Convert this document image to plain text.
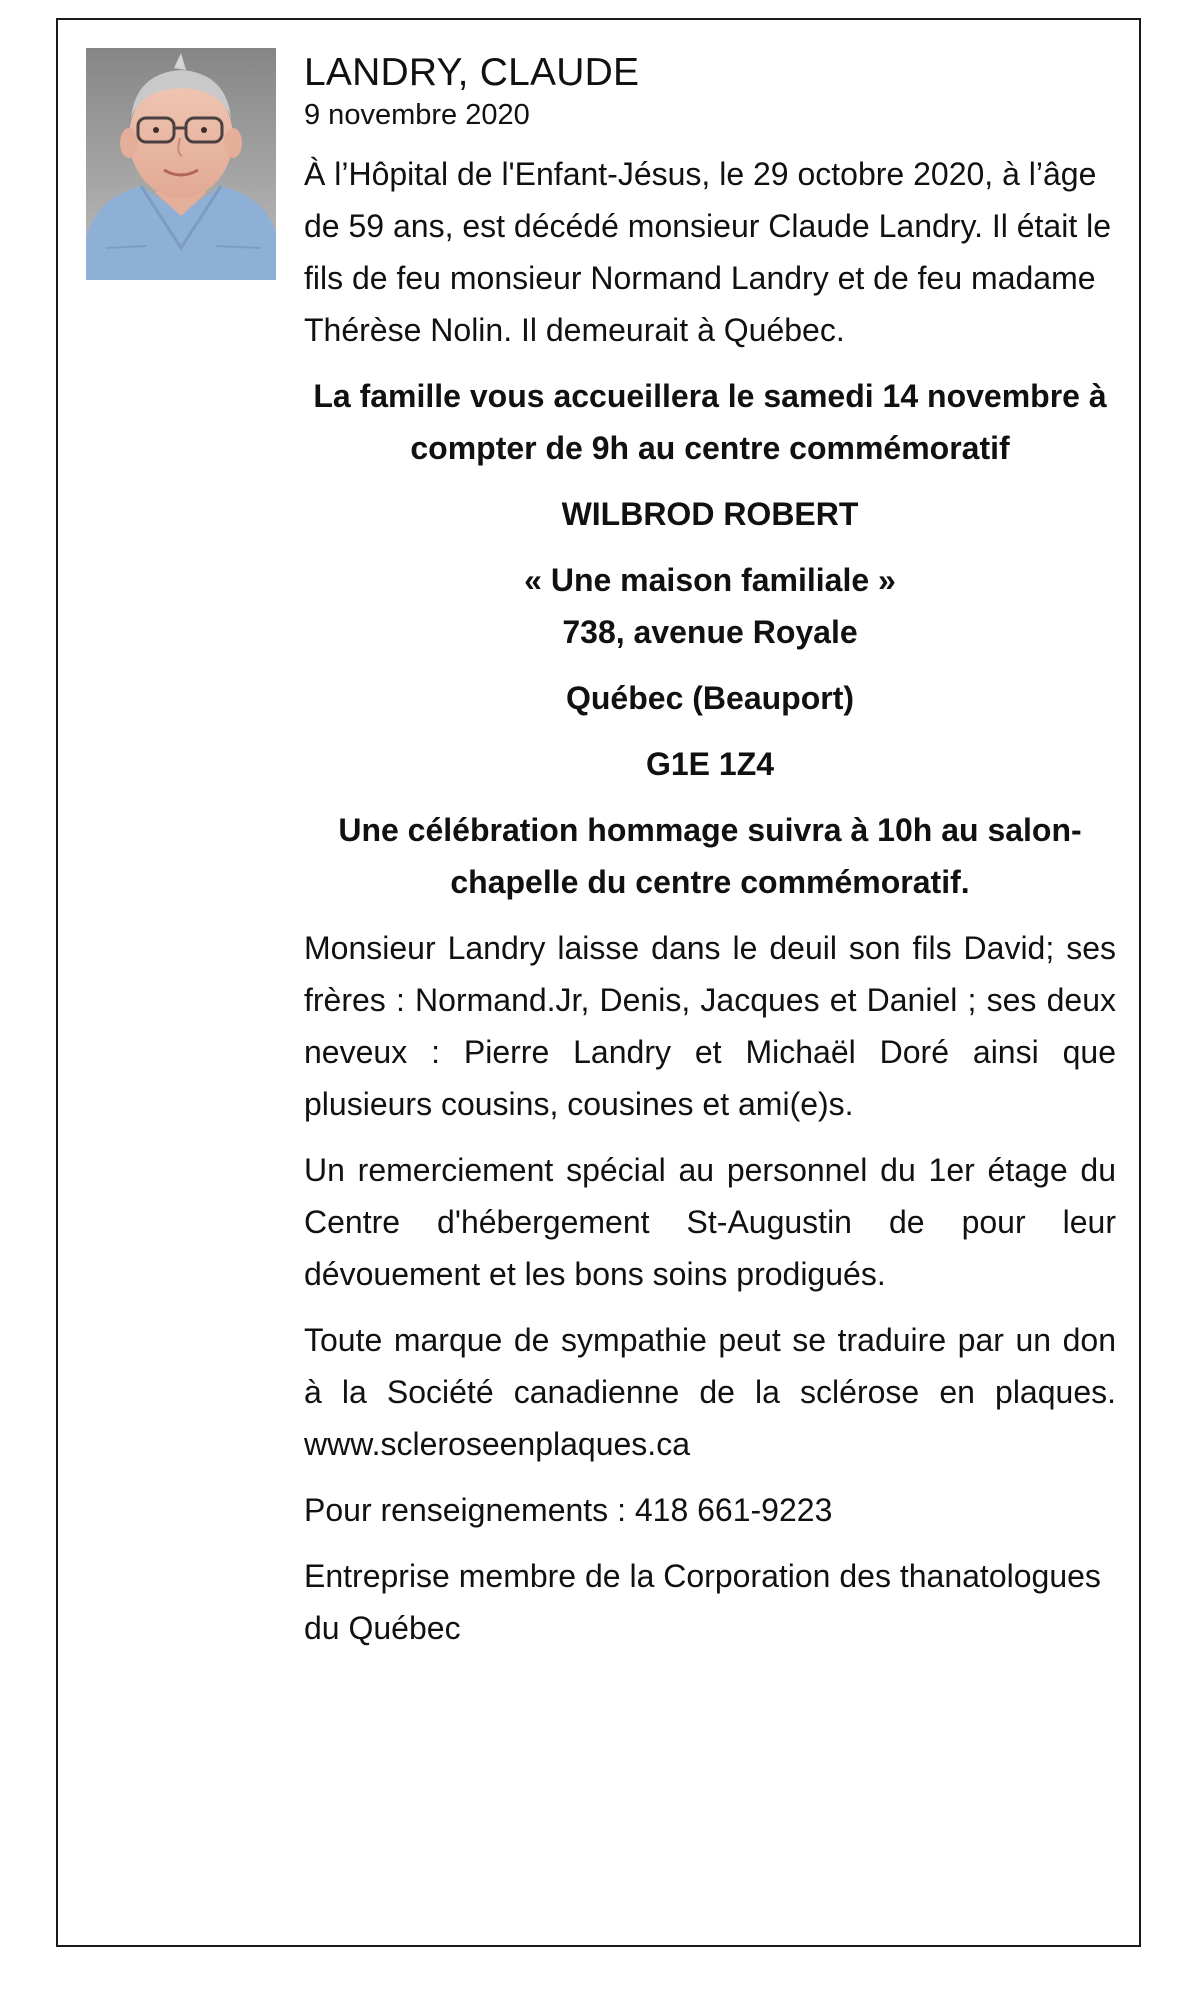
LANDRY, CLAUDE

9 novembre 2020

À l’Hôpital de l'Enfant-Jésus, le 29 octobre 2020, à l’âge de 59 ans, est décédé monsieur Claude Landry. Il était le fils de feu monsieur Normand Landry et de feu madame Thérèse Nolin. Il demeurait à Québec.

La famille vous accueillera le samedi 14 novembre à compter de 9h au centre commémoratif

WILBROD ROBERT

« Une maison familiale »

738, avenue Royale

Québec (Beauport)

G1E 1Z4

Une célébration hommage suivra à 10h au salon-chapelle du centre commémoratif.

Monsieur Landry laisse dans le deuil son fils David; ses frères : Normand.Jr, Denis, Jacques et Daniel ; ses deux neveux : Pierre Landry et Michaël Doré ainsi que plusieurs cousins, cousines et ami(e)s.

Un remerciement spécial au personnel du 1er étage du Centre d'hébergement St-Augustin de pour leur dévouement et les bons soins prodigués.

Toute marque de sympathie peut se traduire par un don à la Société canadienne de la sclérose en plaques. www.scleroseenplaques.ca

Pour renseignements : 418 661-9223

Entreprise membre de la Corporation des thanatologues du Québec
